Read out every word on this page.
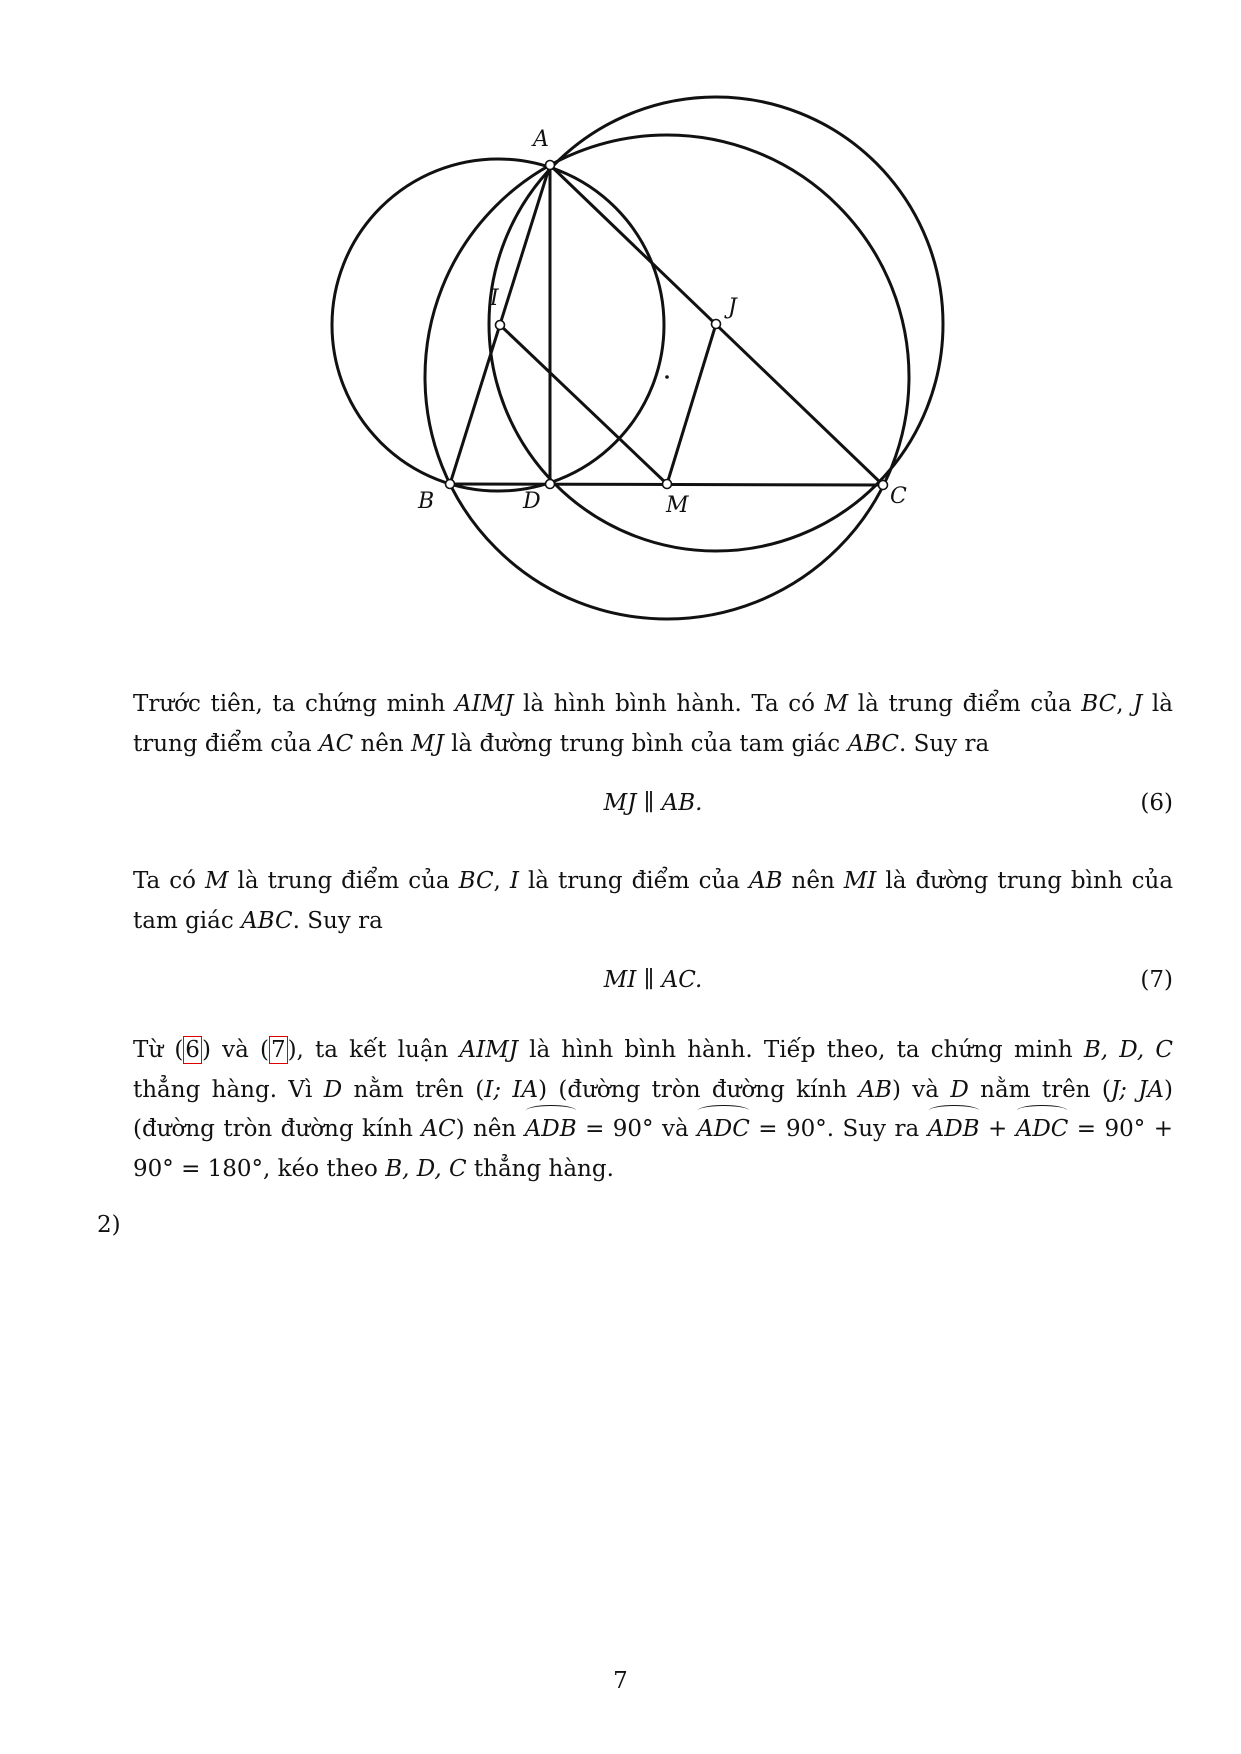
A
B	C
D	M
I	J
Trước tiên, ta chứng minh AIMJ là hình bình hành. Ta có M là trung điểm của BC, J là trung điểm của AC nên MJ là đường trung bình của tam giác ABC. Suy ra
MJ ∥ AB.	(6)
Ta có M là trung điểm của BC, I là trung điểm của AB nên MI là đường trung bình của tam giác ABC. Suy ra
MI ∥ AC.	(7)
Từ (6) và (7), ta kết luận AIMJ là hình bình hành. Tiếp theo, ta chứng minh B, D, C thẳng hàng. Vì D nằm trên (I; IA) (đường tròn đường kính AB) và D nằm trên (J; JA) (đường tròn đường kính AC) nên ADB = 90° và ADC = 90°. Suy ra ADB + ADC = 90° + 90° = 180°, kéo theo B, D, C thẳng hàng.
2)
7
